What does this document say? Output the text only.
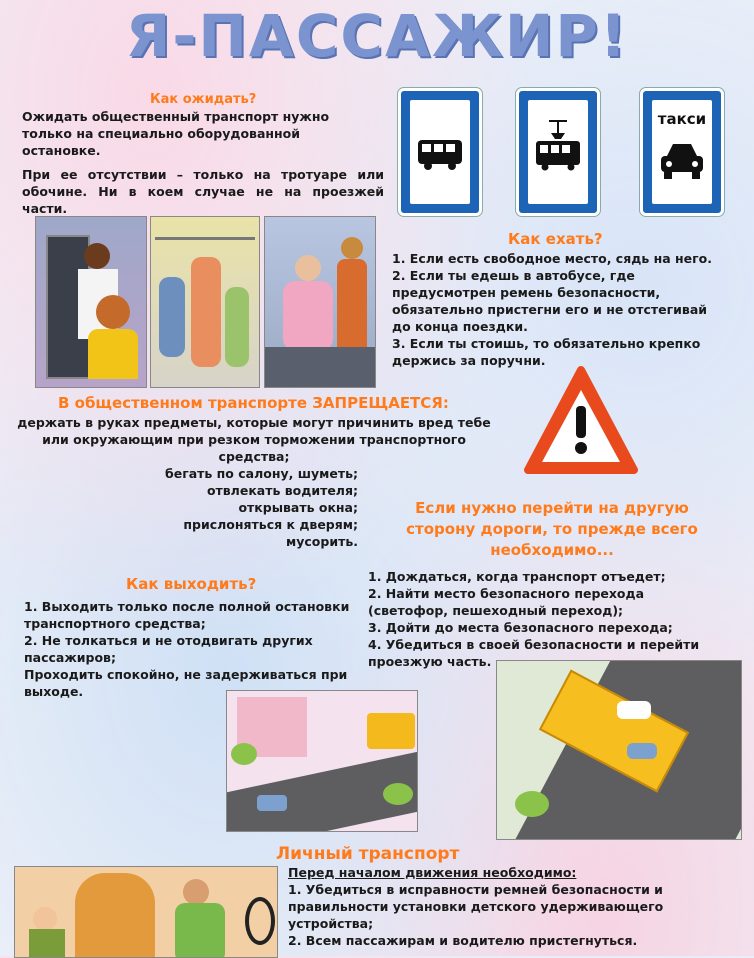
Я-ПАССАЖИР!
Как ожидать?
Ожидать общественный транспорт нужно только на специально оборудованной остановке.
При ее отсутствии – только на тротуаре или обочине. Ни в коем случае не на проезжей части.
такси
Как ехать?
1. Если есть свободное место, сядь на него.
2. Если ты едешь в автобусе, где предусмотрен ремень безопасности, обязательно пристегни его и не отстегивай до конца поездки.
3. Если ты стоишь, то обязательно крепко держись за поручни.
В общественном транспорте ЗАПРЕЩАЕТСЯ:
держать в руках предметы, которые могут причинить вред тебе или окружающим при резком торможении транспортного средства;
бегать по салону, шуметь;
отвлекать водителя;
открывать окна;
прислоняться к дверям;
мусорить.
Если нужно перейти на другую сторону дороги, то прежде всего необходимо...
1. Дождаться, когда транспорт отъедет;
2. Найти место безопасного перехода (светофор, пешеходный переход);
3. Дойти до места безопасного перехода;
4. Убедиться в своей безопасности и перейти проезжую часть.
Как выходить?
1. Выходить только после полной остановки транспортного средства;
2. Не толкаться и не отодвигать других пассажиров;
Проходить спокойно, не задерживаться при выходе.
Личный транспорт
Перед началом движения необходимо:
1. Убедиться в исправности ремней безопасности и правильности установки детского удерживающего устройства;
2. Всем пассажирам и водителю пристегнуться.
